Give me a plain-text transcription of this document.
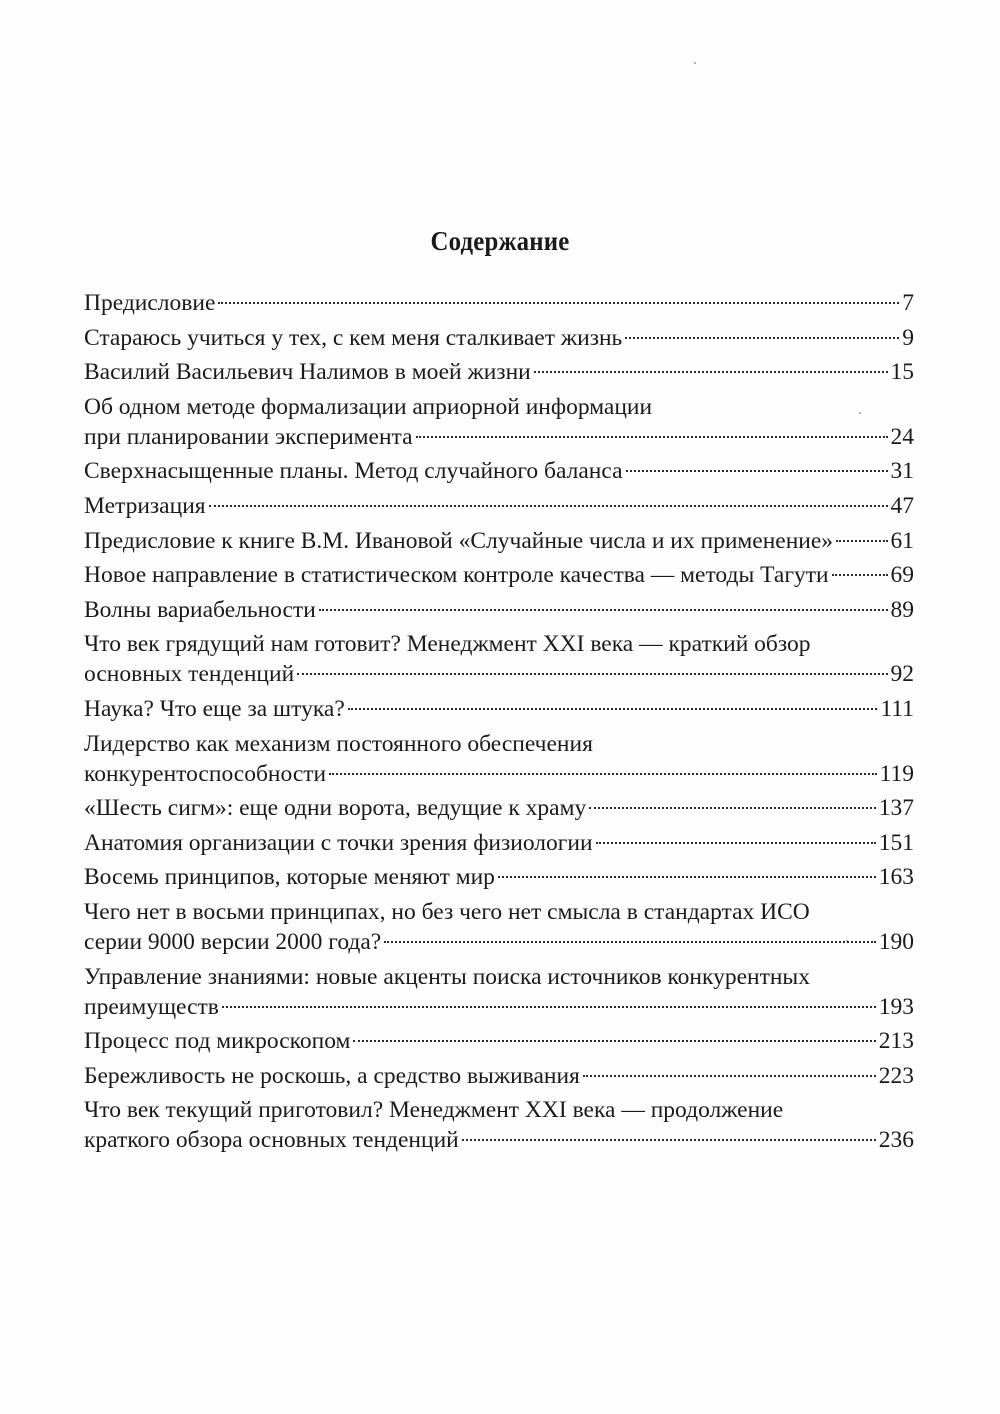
Содержание
Предисловие	7
Стараюсь учиться у тех, с кем меня сталкивает жизнь	9
Василий Васильевич Налимов в моей жизни	15
Об одном методе формализации априорной информации
при планировании эксперимента	24
Сверхнасыщенные планы. Метод случайного баланса	31
Метризация	47
Предисловие к книге В.М. Ивановой «Случайные числа и их применение» 61
Новое направление в статистическом контроле качества — методы Тагути	69
Волны вариабельности	89
Что век грядущий нам готовит? Менеджмент XXI века — краткий обзор
основных тенденций	92
Наука? Что еще за штука?	111
Лидерство как механизм постоянного обеспечения
конкурентоспособности	119
«Шесть сигм»: еще одни ворота, ведущие к храму	137
Анатомия организации с точки зрения физиологии	151
Восемь принципов, которые меняют мир	163
Чего нет в восьми принципах, но без чего нет смысла в стандартах ИСО
серии 9000 версии 2000 года?	190
Управление знаниями: новые акценты поиска источников конкурентных
преимуществ	193
Процесс под микроскопом	213
Бережливость не роскошь, а средство выживания	223
Что век текущий приготовил? Менеджмент XXI века — продолжение
краткого обзора основных тенденций	236
